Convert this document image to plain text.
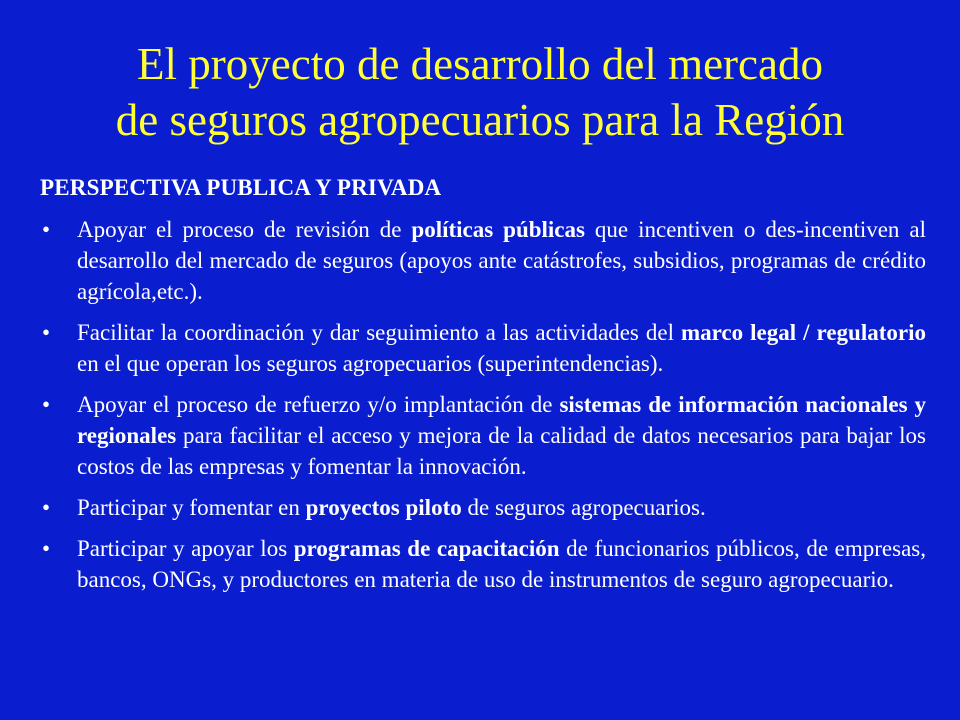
El proyecto de desarrollo del mercado
de seguros agropecuarios para la Región
PERSPECTIVA PUBLICA Y PRIVADA
• Apoyar el proceso de revisión de políticas públicas que incentiven o des-incentiven al desarrollo del mercado de seguros (apoyos ante catástrofes, subsidios, programas de crédito agrícola,etc.).
• Facilitar la coordinación y dar seguimiento a las actividades del marco legal / regulatorio en el que operan los seguros agropecuarios (superintendencias).
• Apoyar el proceso de refuerzo y/o implantación de sistemas de información nacionales y regionales para facilitar el acceso y mejora de la calidad de datos necesarios para bajar los costos de las empresas y fomentar la innovación.
• Participar y fomentar en proyectos piloto de seguros agropecuarios.
• Participar y apoyar los programas de capacitación de funcionarios públicos, de empresas, bancos, ONGs, y productores en materia de uso de instrumentos de seguro agropecuario.
